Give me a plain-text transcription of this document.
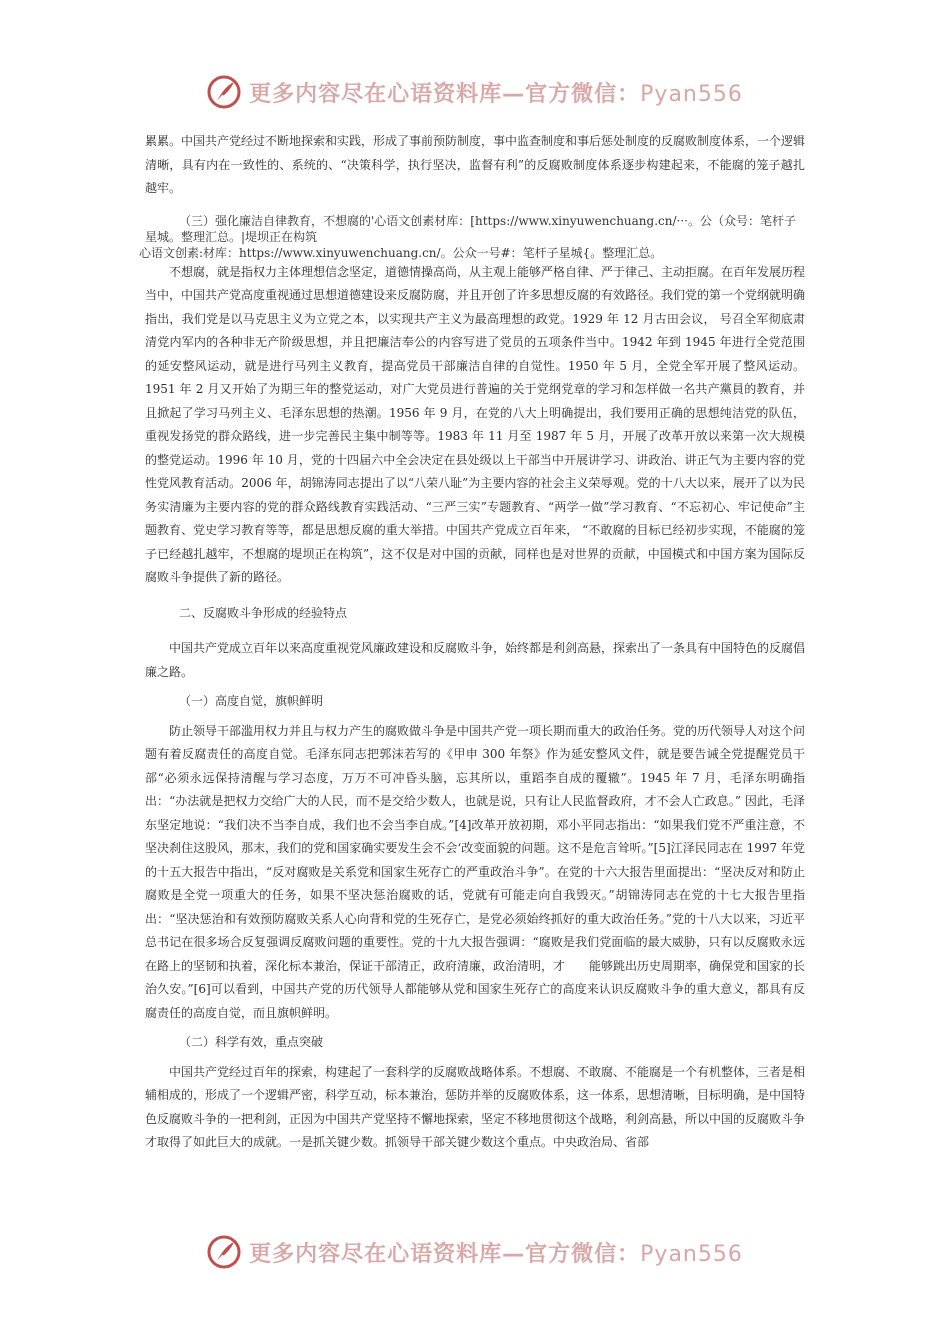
更多内容尽在心语资料库—官方微信：Pyan556

累累。中国共产党经过不断地探索和实践，形成了事前预防制度，事中监查制度和事后惩处制度的反腐败制度体系，一个逻辑清晰，具有内在一致性的、系统的、“决策科学，执行坚决，监督有利”的反腐败制度体系逐步构建起来，不能腐的笼子越扎越牢。

（三）强化廉洁自律教育，不想腐的'心语文创素材库：[https://www.xinyuwenchuang.cn/···。公（众号：笔杆子星城。整理汇总。|堤坝正在构筑

心语文创素:材库：https://www.xinyuwenchuang.cn/。公众一号#：笔杆子星城{。整理汇总。

不想腐，就是指权力主体理想信念坚定，道德情操高尚，从主观上能够严格自律、严于律己、主动拒腐。在百年发展历程当中，中国共产党高度重视通过思想道德建设来反腐防腐，并且开创了许多思想反腐的有效路径。我们党的第一个党纲就明确指出，我们党是以马克思主义为立党之本，以实现共产主义为最高理想的政党。1929 年 12 月古田会议， 号召全军彻底肃清党内军内的各种非无产阶级思想，并且把廉洁奉公的内容写进了党员的五项条件当中。1942 年到 1945 年进行全党范围的延安整风运动，就是进行马列主义教育，提高党员干部廉洁自律的自觉性。1950 年 5 月，全党全军开展了整风运动。1951 年 2 月又开始了为期三年的整党运动，对广大党员进行普遍的关于党纲党章的学习和怎样做一名共产黨員的教育，并且掀起了学习马列主义、毛泽东思想的热潮。1956 年 9 月，在党的八大上明确提出，我们要用正确的思想纯洁党的队伍，重视发扬党的群众路线，进一步完善民主集中制等等。1983 年 11 月至 1987 年 5 月，开展了改革开放以来第一次大规模的整党运动。1996 年 10 月，党的十四届六中全会决定在县处级以上干部当中开展讲学习、讲政治、讲正气为主要内容的党性党风教育活动。2006 年，胡锦涛同志提出了以“八荣八耻”为主要内容的社会主义荣辱观。党的十八大以来，展开了以为民务实清廉为主要内容的党的群众路线教育实践活动、“三严三实”专题教育、“两学一做”学习教育、“不忘初心、牢记使命”主题教育、党史学习教育等等，都是思想反腐的重大举措。中国共产党成立百年来， “不敢腐的目标已经初步实现，不能腐的笼子已经越扎越牢，不想腐的堤坝正在构筑”，这不仅是对中国的贡献，同样也是对世界的贡献，中国模式和中国方案为国际反腐败斗争提供了新的路径。

二、反腐败斗争形成的经验特点

中国共产党成立百年以来高度重视党风廉政建设和反腐败斗争，始终都是利剑高悬，探索出了一条具有中国特色的反腐倡廉之路。

（一）高度自觉，旗帜鲜明

防止领导干部滥用权力并且与权力产生的腐败做斗争是中国共产党一项长期而重大的政治任务。党的历代领导人对这个问题有着反腐责任的高度自觉。毛泽东同志把郭沫若写的《甲申 300 年祭》作为延安整风文件，就是要告诫全党提醒党员干部“必须永远保持清醒与学习态度，万万不可冲昏头脑，忘其所以，重蹈李自成的覆辙”。1945 年 7 月，毛泽东明确指出：“办法就是把权力交给广大的人民，而不是交给少数人，也就是说，只有让人民监督政府，才不会人亡政息。” 因此，毛泽东坚定地说：“我们决不当李自成，我们也不会当李自成。”[4]改革开放初期，邓小平同志指出：“如果我们党不严重注意，不坚决刹住这股风，那末，我们的党和国家确实要发生会不会‘改变面貌的问题。这不是危言耸听。”[5]江泽民同志在 1997 年党的十五大报告中指出，“反对腐败是关系党和国家生死存亡的严重政治斗争”。在党的十六大报告里面提出：“坚决反对和防止腐败是全党一项重大的任务，如果不坚决惩治腐败的话，党就有可能走向自我毁灭。”胡锦涛同志在党的十七大报告里指出：“坚决惩治和有效预防腐败关系人心向背和党的生死存亡，是党必须始终抓好的重大政治任务。”党的十八大以来，习近平总书记在很多场合反复强调反腐败问题的重要性。党的十九大报告强调：“腐败是我们党面临的最大威胁，只有以反腐败永远在路上的坚韧和执着，深化标本兼治，保证干部清正，政府清廉，政治清明，才　　能够跳出历史周期率，确保党和国家的长治久安。”[6]可以看到，中国共产党的历代领导人都能够从党和国家生死存亡的高度来认识反腐败斗争的重大意义，都具有反腐责任的高度自觉，而且旗帜鲜明。

（二）科学有效，重点突破

中国共产党经过百年的探索，构建起了一套科学的反腐败战略体系。不想腐、不敢腐、不能腐是一个有机整体，三者是相辅相成的，形成了一个逻辑严密，科学互动，标本兼治，惩防并举的反腐败体系，这一体系，思想清晰，目标明确，是中国特色反腐败斗争的一把利剑，正因为中国共产党坚持不懈地探索，坚定不移地贯彻这个战略，利剑高悬，所以中国的反腐败斗争才取得了如此巨大的成就。一是抓关键少数。抓领导干部关键少数这个重点。中央政治局、省部

更多内容尽在心语资料库—官方微信：Pyan556
